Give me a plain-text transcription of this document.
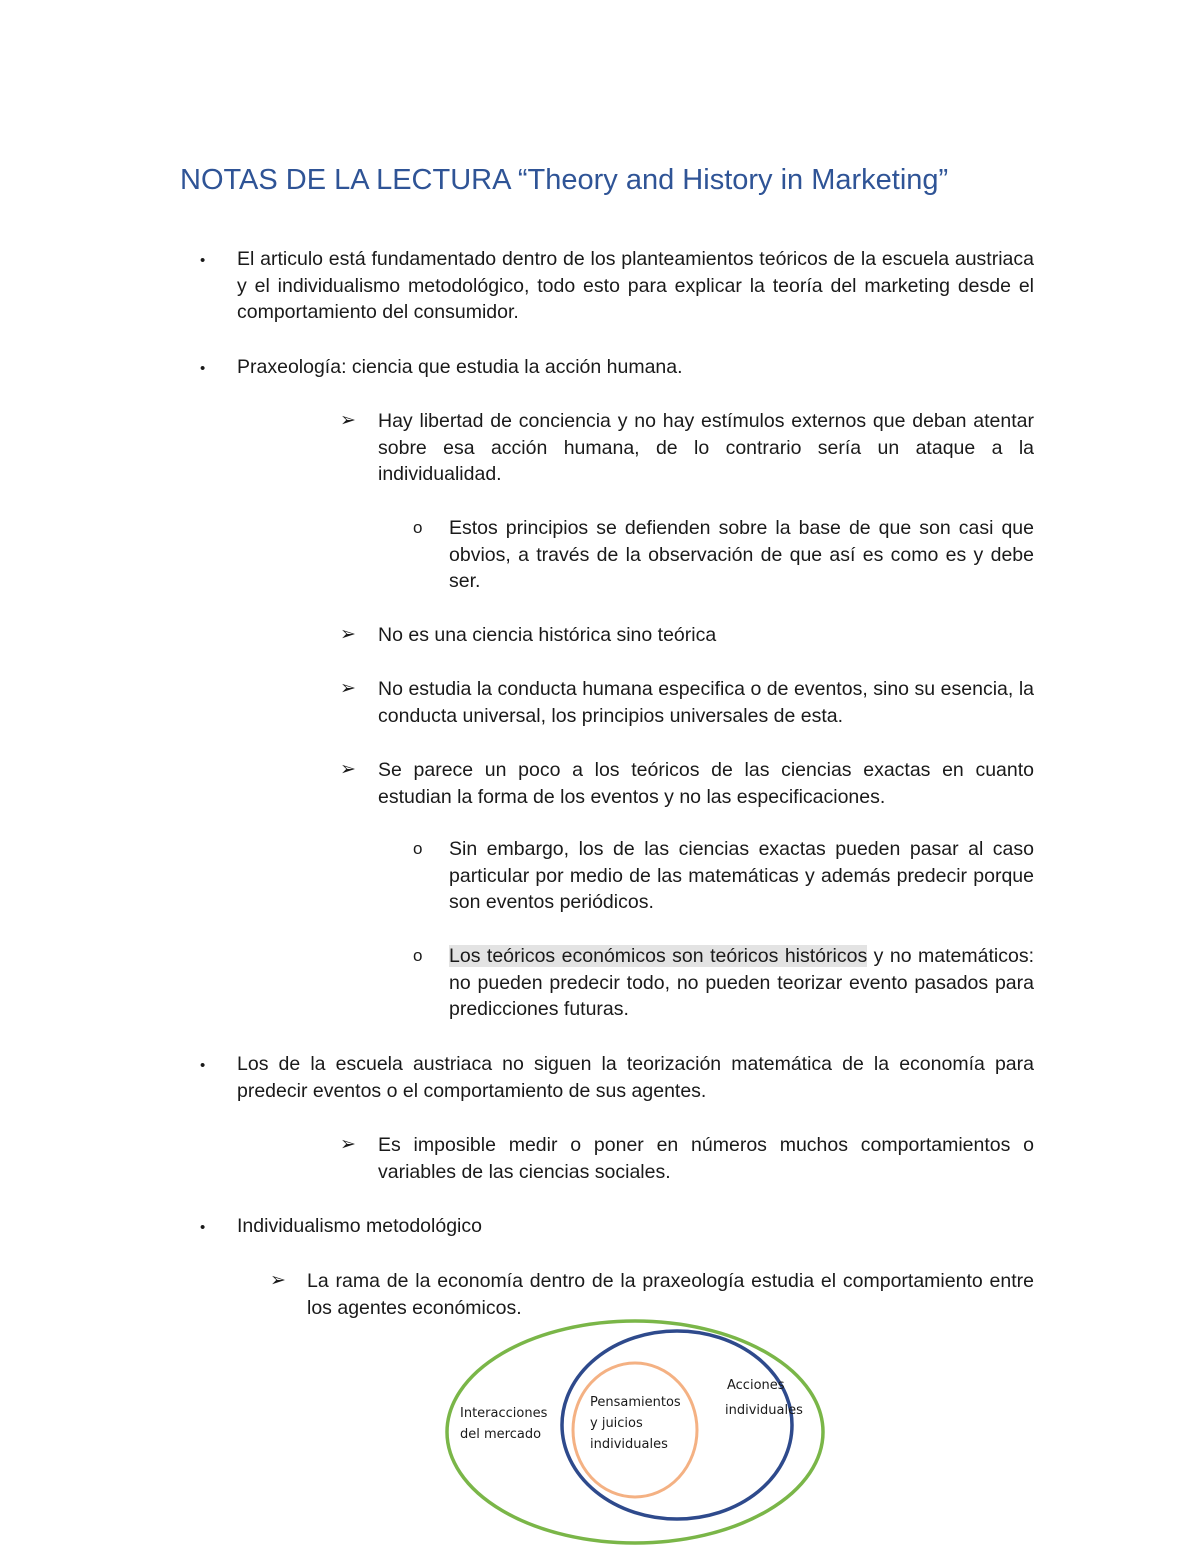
NOTAS DE LA LECTURA “Theory and History in Marketing”
• El articulo está fundamentado dentro de los planteamientos teóricos de la escuela austriaca y el individualismo metodológico, todo esto para explicar la teoría del marketing desde el comportamiento del consumidor.

• Praxeología: ciencia que estudia la acción humana.

➢ Hay libertad de conciencia y no hay estímulos externos que deban atentar sobre esa acción humana, de lo contrario sería un ataque a la individualidad.

o Estos principios se defienden sobre la base de que son casi que obvios, a través de la observación de que así es como es y debe ser.

➢ No es una ciencia histórica sino teórica

➢ No estudia la conducta humana especifica o de eventos, sino su esencia, la conducta universal, los principios universales de esta.

➢ Se parece un poco a los teóricos de las ciencias exactas en cuanto estudian la forma de los eventos y no las especificaciones.

o Sin embargo, los de las ciencias exactas pueden pasar al caso particular por medio de las matemáticas y además predecir porque son eventos periódicos.

o Los teóricos económicos son teóricos históricos y no matemáticos: no pueden predecir todo, no pueden teorizar evento pasados para predicciones futuras.

• Los de la escuela austriaca no siguen la teorización matemática de la economía para predecir eventos o el comportamiento de sus agentes.

➢ Es imposible medir o poner en números muchos comportamientos o variables de las ciencias sociales.

• Individualismo metodológico

➢ La rama de la economía dentro de la praxeología estudia el comportamiento entre los agentes económicos.

Interacciones
del mercado
Acciones
individuales
Pensamientos
y juicios
individuales
